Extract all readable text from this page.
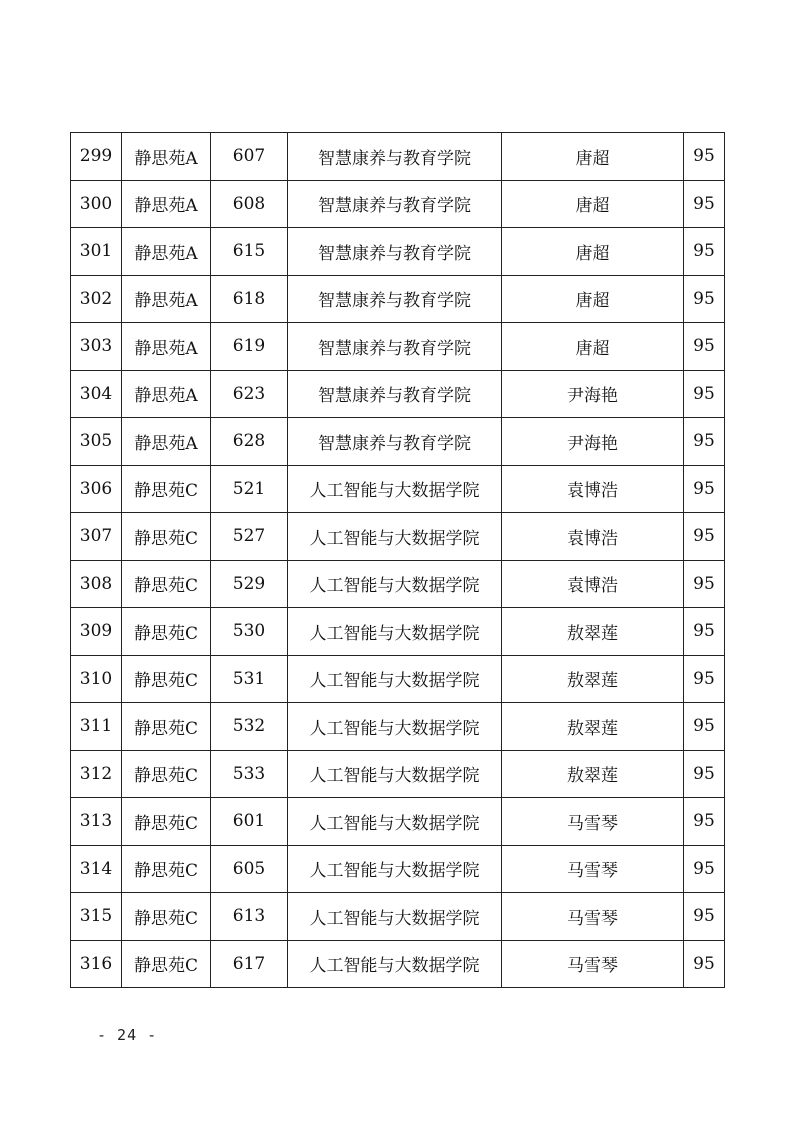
299	静思苑A	607	智慧康养与教育学院	唐超	95
300	静思苑A	608	智慧康养与教育学院	唐超	95
301	静思苑A	615	智慧康养与教育学院	唐超	95
302	静思苑A	618	智慧康养与教育学院	唐超	95
303	静思苑A	619	智慧康养与教育学院	唐超	95
304	静思苑A	623	智慧康养与教育学院	尹海艳	95
305	静思苑A	628	智慧康养与教育学院	尹海艳	95
306	静思苑C	521	人工智能与大数据学院	袁博浩	95
307	静思苑C	527	人工智能与大数据学院	袁博浩	95
308	静思苑C	529	人工智能与大数据学院	袁博浩	95
309	静思苑C	530	人工智能与大数据学院	敖翠莲	95
310	静思苑C	531	人工智能与大数据学院	敖翠莲	95
311	静思苑C	532	人工智能与大数据学院	敖翠莲	95
312	静思苑C	533	人工智能与大数据学院	敖翠莲	95
313	静思苑C	601	人工智能与大数据学院	马雪琴	95
314	静思苑C	605	人工智能与大数据学院	马雪琴	95
315	静思苑C	613	人工智能与大数据学院	马雪琴	95
316	静思苑C	617	人工智能与大数据学院	马雪琴	95
- 24 -
